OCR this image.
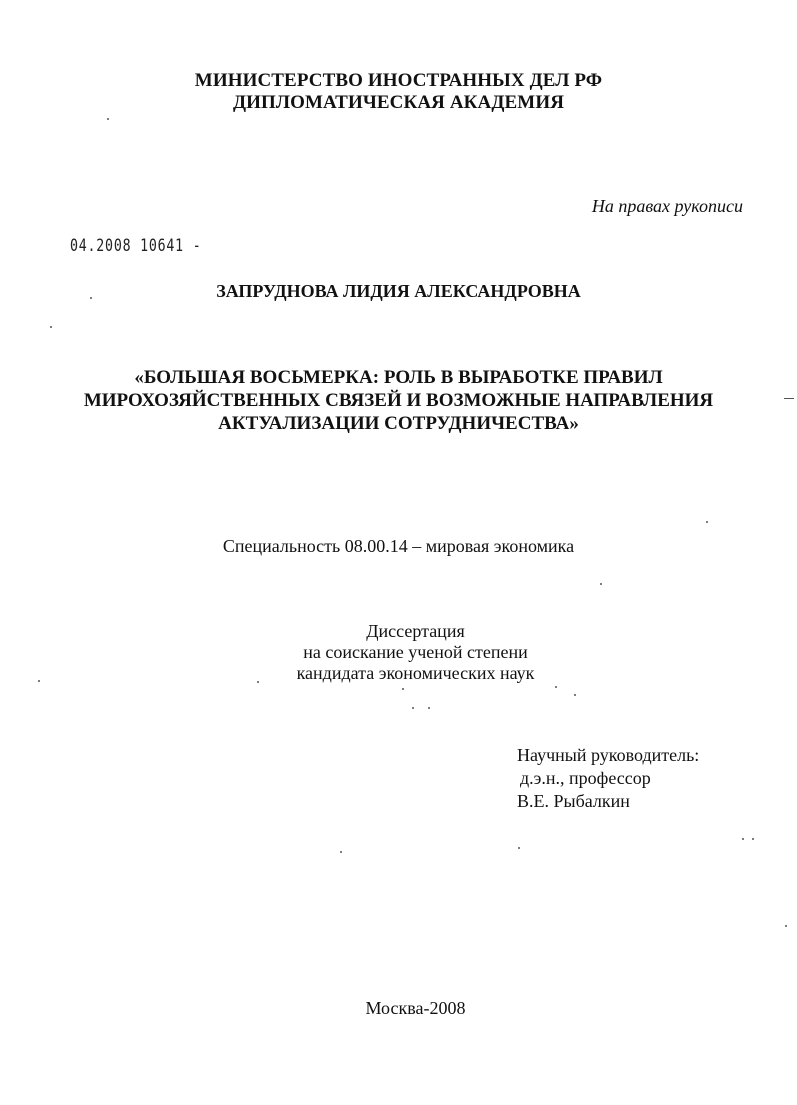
МИНИСТЕРСТВО ИНОСТРАННЫХ ДЕЛ РФ
ДИПЛОМАТИЧЕСКАЯ АКАДЕМИЯ
На правах рукописи
04.2008 10641 -
ЗАПРУДНОВА ЛИДИЯ АЛЕКСАНДРОВНА
«БОЛЬШАЯ ВОСЬМЕРКА: РОЛЬ В ВЫРАБОТКЕ ПРАВИЛ
МИРОХОЗЯЙСТВЕННЫХ СВЯЗЕЙ И ВОЗМОЖНЫЕ НАПРАВЛЕНИЯ
АКТУАЛИЗАЦИИ СОТРУДНИЧЕСТВА»
Специальность 08.00.14 – мировая экономика
Диссертация
на соискание ученой степени
кандидата экономических наук
Научный руководитель:
д.э.н., профессор
В.Е. Рыбалкин
Москва-2008
